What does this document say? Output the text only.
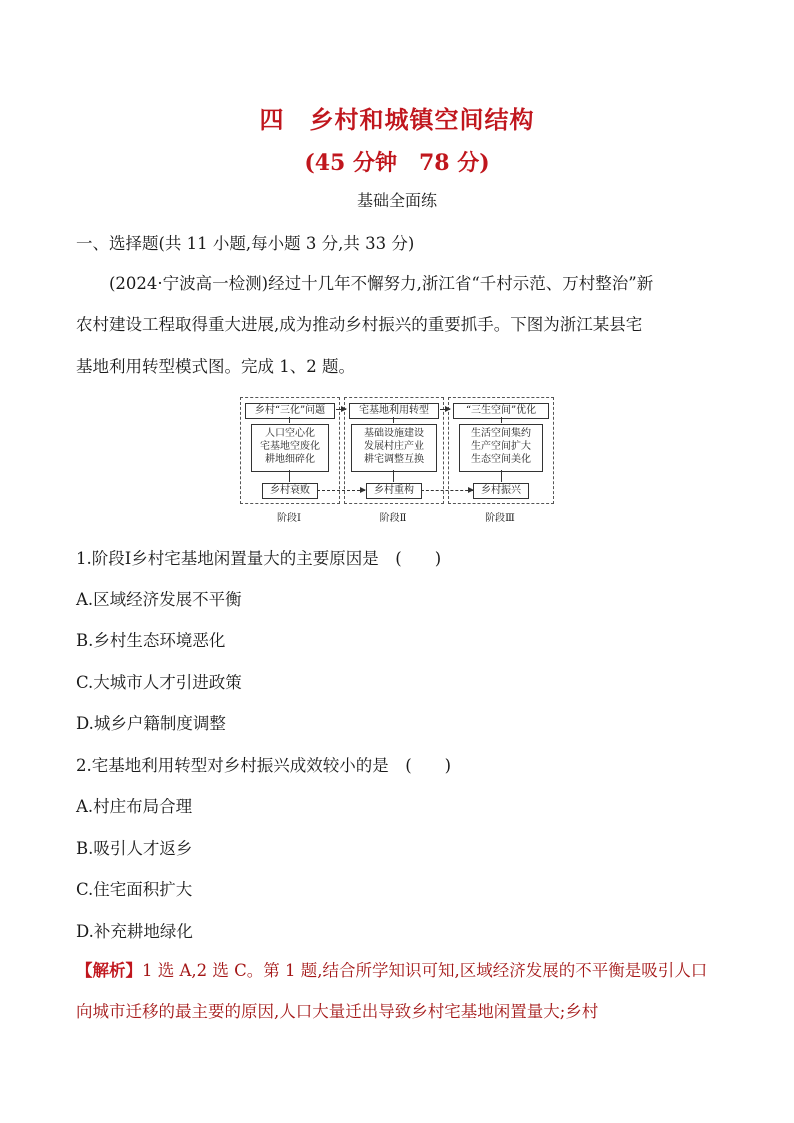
四　乡村和城镇空间结构
(45 分钟　78 分)
基础全面练
一、选择题(共 11 小题,每小题 3 分,共 33 分)
(2024·宁波高一检测)经过十几年不懈努力,浙江省“千村示范、万村整治”新
农村建设工程取得重大进展,成为推动乡村振兴的重要抓手。下图为浙江某县宅
基地利用转型模式图。完成 1、2 题。
乡村“三化”问题
人口空心化
宅基地空废化
耕地细碎化
乡村衰败
宅基地利用转型
基础设施建设
发展村庄产业
耕宅调整互换
乡村重构
“三生空间”优化
生活空间集约
生产空间扩大
生态空间美化
乡村振兴
阶段Ⅰ	阶段Ⅱ	阶段Ⅲ
1.阶段Ⅰ乡村宅基地闲置量大的主要原因是　(　　)
A.区域经济发展不平衡
B.乡村生态环境恶化
C.大城市人才引进政策
D.城乡户籍制度调整
2.宅基地利用转型对乡村振兴成效较小的是　(　　)
A.村庄布局合理
B.吸引人才返乡
C.住宅面积扩大
D.补充耕地绿化
【解析】1 选 A,2 选 C。第 1 题,结合所学知识可知,区域经济发展的不平衡是吸引人口向城市迁移的最主要的原因,人口大量迁出导致乡村宅基地闲置量大;乡村
